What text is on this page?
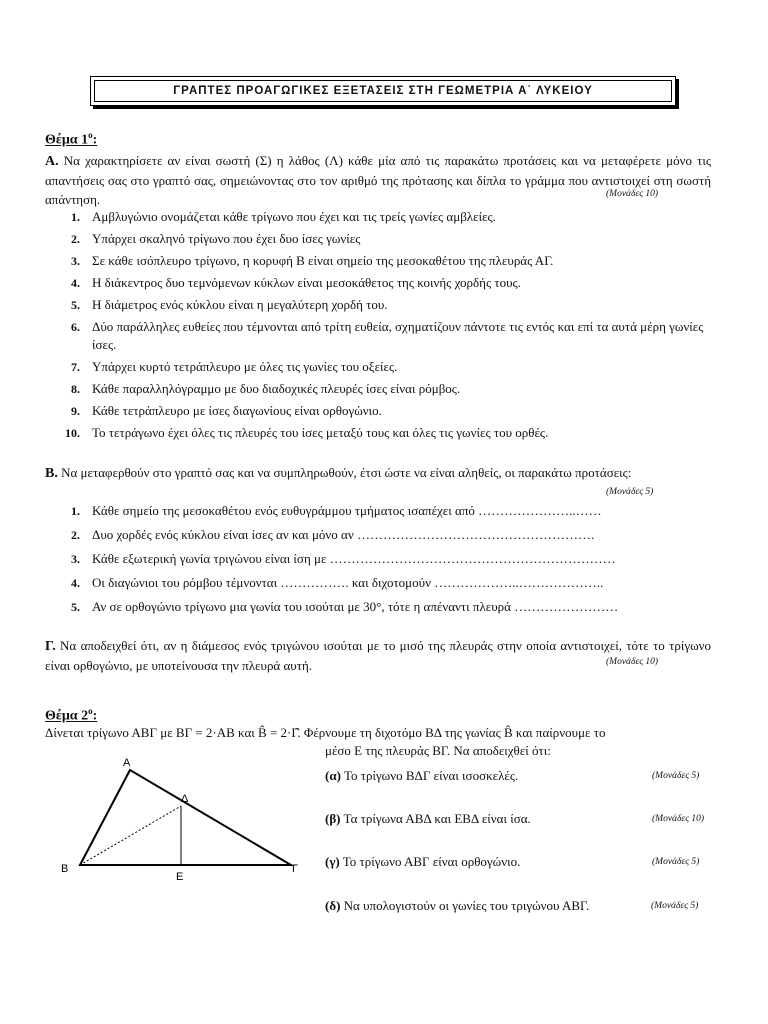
ΓΡΑΠΤΕΣ ΠΡΟΑΓΩΓΙΚΕΣ ΕΞΕΤΑΣΕΙΣ ΣΤΗ ΓΕΩΜΕΤΡΙΑ Α΄ ΛΥΚΕΙΟΥ
Θέμα $1^o$:
Α. Να χαρακτηρίσετε αν είναι σωστή (Σ) η λάθος (Λ) κάθε μία από τις παρακάτω προτάσεις και να μεταφέρετε μόνο τις απαντήσεις σας στο γραπτό σας, σημειώνοντας στο τον αριθμό της πρότασης και δίπλα το γράμμα που αντιστοιχεί στη σωστή απάντηση.	(Μονάδες 10)
1. Αμβλυγώνιο ονομάζεται κάθε τρίγωνο που έχει και τις τρείς γωνίες αμβλείες.
2. Υπάρχει σκαληνό τρίγωνο που έχει δυο ίσες γωνίες
3. Σε κάθε ισόπλευρο τρίγωνο, η κορυφή Β είναι σημείο της μεσοκαθέτου της πλευράς ΑΓ.
4. Η διάκεντρος δυο τεμνόμενων κύκλων είναι μεσοκάθετος της κοινής χορδής τους.
5. Η διάμετρος ενός κύκλου είναι η μεγαλύτερη χορδή του.
6. Δύο παράλληλες ευθείες που τέμνονται από τρίτη ευθεία, σχηματίζουν πάντοτε τις εντός και επί τα αυτά μέρη γωνίες ίσες.
7. Υπάρχει κυρτό τετράπλευρο με όλες τις γωνίες του οξείες.
8. Κάθε παραλληλόγραμμο με δυο διαδοχικές πλευρές ίσες είναι ρόμβος.
9. Κάθε τετράπλευρο με ίσες διαγωνίους είναι ορθογώνιο.
10. Το τετράγωνο έχει όλες τις πλευρές του ίσες μεταξύ τους και όλες τις γωνίες του ορθές.
Β. Να μεταφερθούν στο γραπτό σας και να συμπληρωθούν, έτσι ώστε να είναι αληθείς, οι παρακάτω προτάσεις:
(Μονάδες 5)
1. Κάθε σημείο της μεσοκαθέτου ενός ευθυγράμμου τμήματος ισαπέχει από …………………..……
2. Δυο χορδές ενός κύκλου είναι ίσες αν και μόνο αν ……………………………………………….
3. Κάθε εξωτερική γωνία τριγώνου είναι ίση με …………………………………………………………
4. Οι διαγώνιοι του ρόμβου τέμνονται ……………. και διχοτομούν ………………..………………..
5. Αν σε ορθογώνιο τρίγωνο μια γωνία του ισούται με 30°, τότε η απέναντι πλευρά ……………………
Γ. Να αποδειχθεί ότι, αν η διάμεσος ενός τριγώνου ισούται με το μισό της πλευράς στην οποία αντιστοιχεί, τότε το τρίγωνο είναι ορθογώνιο, με υποτείνουσα την πλευρά αυτή.	(Μονάδες 10)
Θέμα $2^o$:
Δίνεται τρίγωνο ΑΒΓ με ΒΓ = 2·ΑΒ και B̂ = 2·Γ̂. Φέρνουμε τη διχοτόμο ΒΔ της γωνίας B̂ και παίρνουμε το
μέσο Ε της πλευράς ΒΓ. Να αποδειχθεί ότι:
Α
Β	Γ
Δ
Ε
(α) Το τρίγωνο ΒΔΓ είναι ισοσκελές.	(Μονάδες 5)
(β) Τα τρίγωνα ΑΒΔ και ΕΒΔ είναι ίσα.	(Μονάδες 10)
(γ) Το τρίγωνο ΑΒΓ είναι ορθογώνιο.	(Μονάδες 5)
(δ) Να υπολογιστούν οι γωνίες του τριγώνου ΑΒΓ.	(Μονάδες 5)
